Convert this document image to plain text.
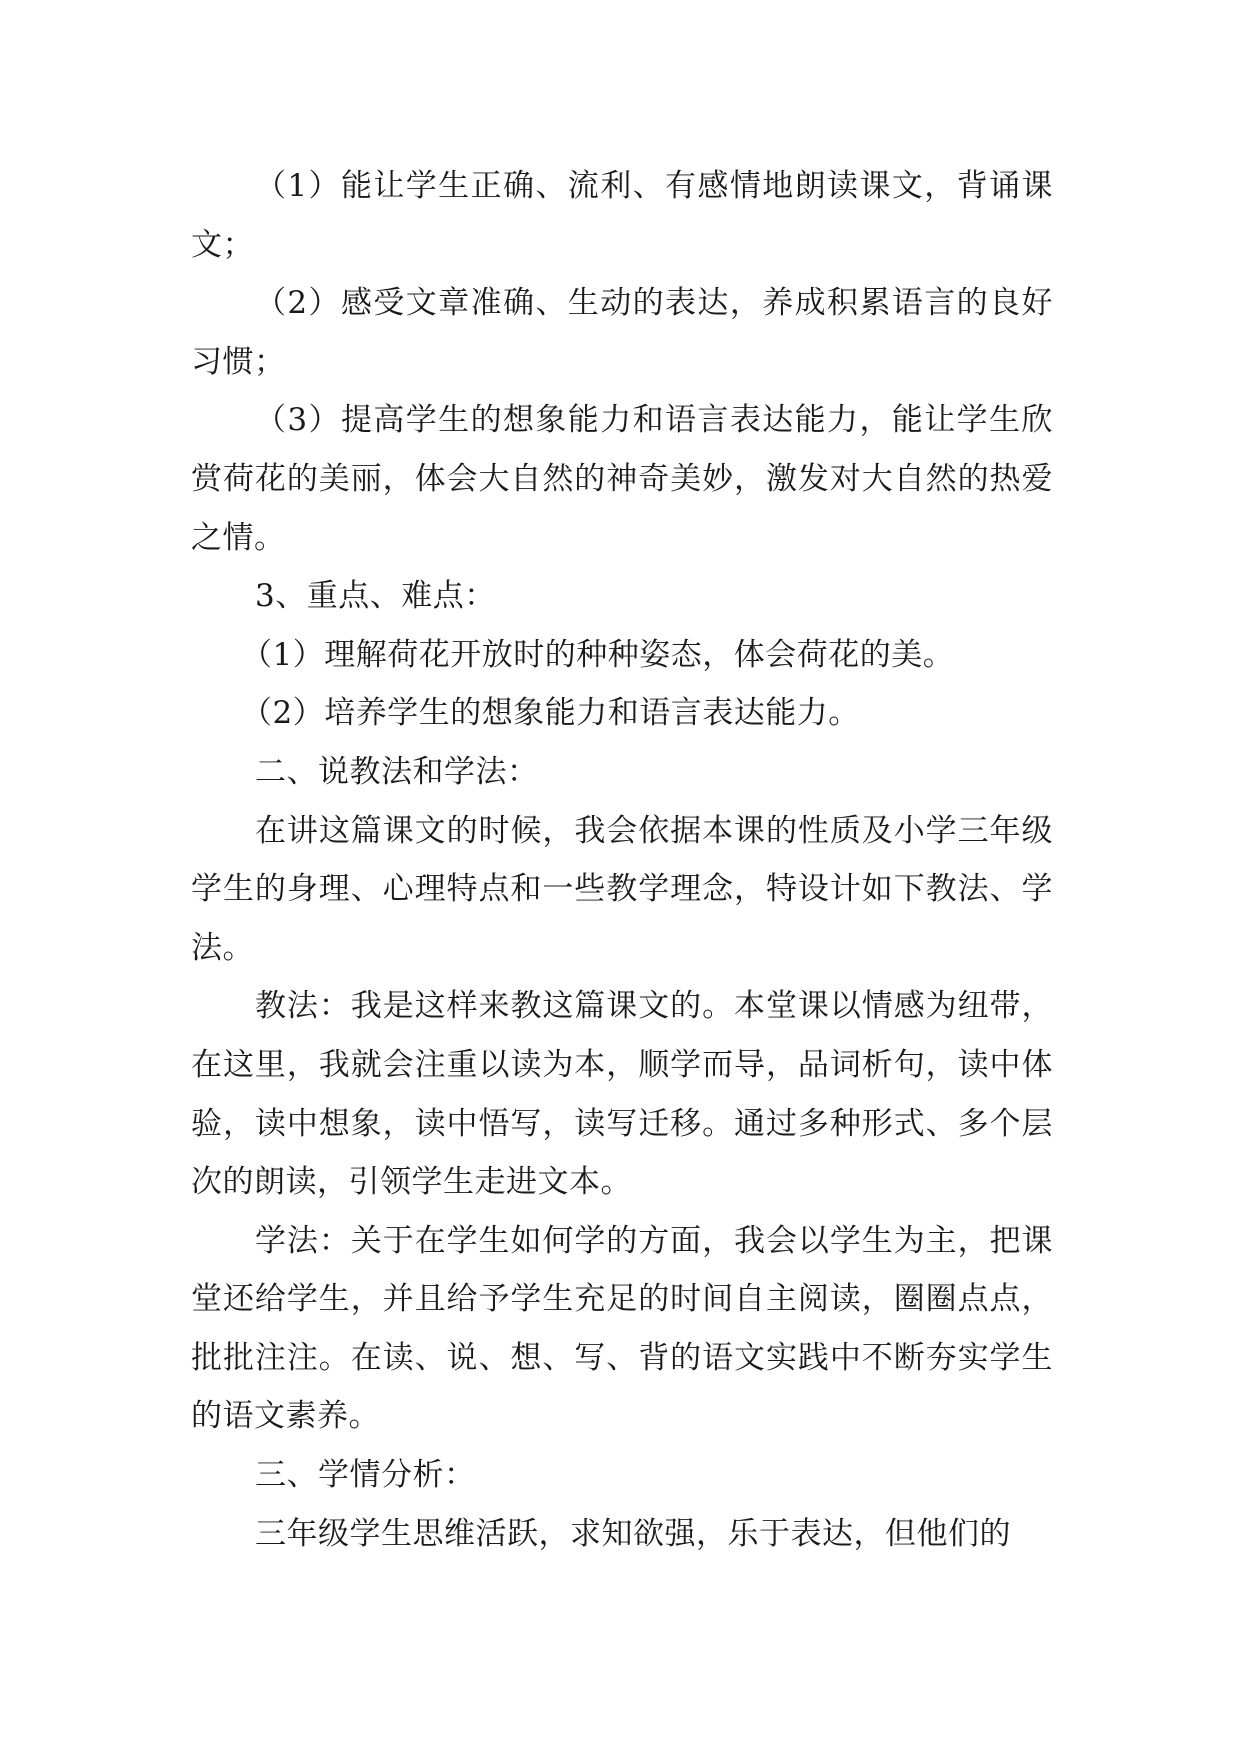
（1）能让学生正确、流利、有感情地朗读课文，背诵课文；

（2）感受文章准确、生动的表达，养成积累语言的良好习惯；

（3）提高学生的想象能力和语言表达能力，能让学生欣赏荷花的美丽，体会大自然的神奇美妙，激发对大自然的热爱之情。

3、重点、难点：

（1）理解荷花开放时的种种姿态，体会荷花的美。

（2）培养学生的想象能力和语言表达能力。

二、说教法和学法：

在讲这篇课文的时候，我会依据本课的性质及小学三年级学生的身理、心理特点和一些教学理念，特设计如下教法、学法。

教法：我是这样来教这篇课文的。本堂课以情感为纽带，在这里，我就会注重以读为本，顺学而导，品词析句，读中体验，读中想象，读中悟写，读写迁移。通过多种形式、多个层次的朗读，引领学生走进文本。

学法：关于在学生如何学的方面，我会以学生为主，把课堂还给学生，并且给予学生充足的时间自主阅读，圈圈点点，批批注注。在读、说、想、写、背的语文实践中不断夯实学生的语文素养。

三、学情分析：

三年级学生思维活跃，求知欲强，乐于表达，但他们的
